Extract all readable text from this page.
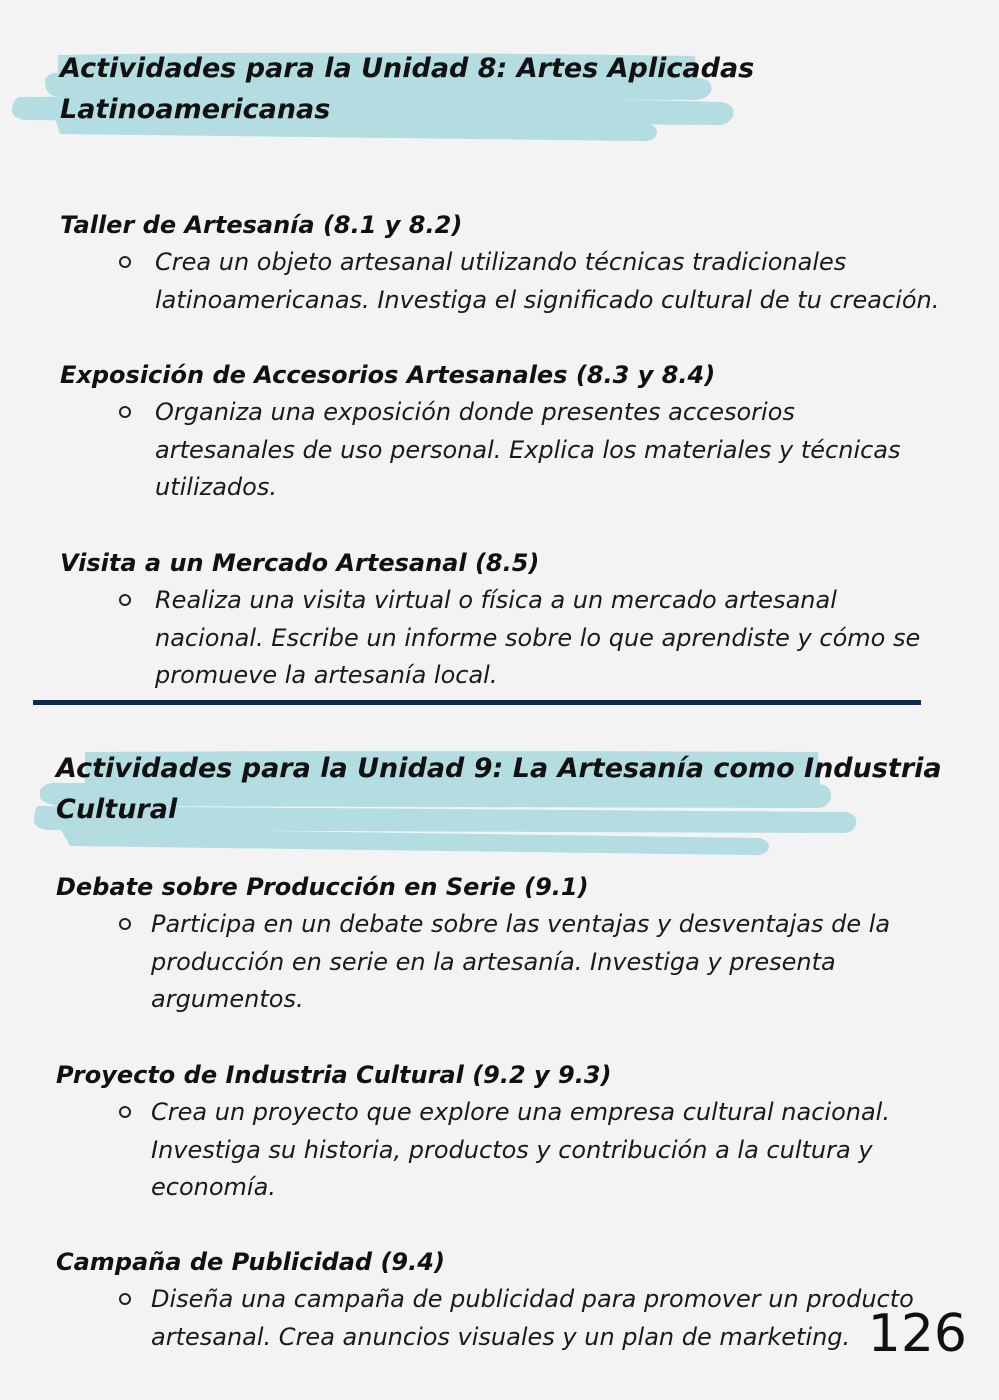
Actividades para la Unidad 8: Artes Aplicadas
Latinoamericanas
Taller de Artesanía (8.1 y 8.2)
Crea un objeto artesanal utilizando técnicas tradicionales
latinoamericanas. Investiga el significado cultural de tu creación.
Exposición de Accesorios Artesanales (8.3 y 8.4)
Organiza una exposición donde presentes accesorios
artesanales de uso personal. Explica los materiales y técnicas
utilizados.
Visita a un Mercado Artesanal (8.5)
Realiza una visita virtual o física a un mercado artesanal
nacional. Escribe un informe sobre lo que aprendiste y cómo se
promueve la artesanía local.
Actividades para la Unidad 9: La Artesanía como Industria
Cultural
Debate sobre Producción en Serie (9.1)
Participa en un debate sobre las ventajas y desventajas de la
producción en serie en la artesanía. Investiga y presenta
argumentos.
Proyecto de Industria Cultural (9.2 y 9.3)
Crea un proyecto que explore una empresa cultural nacional.
Investiga su historia, productos y contribución a la cultura y
economía.
Campaña de Publicidad (9.4)
Diseña una campaña de publicidad para promover un producto
artesanal. Crea anuncios visuales y un plan de marketing. 126
